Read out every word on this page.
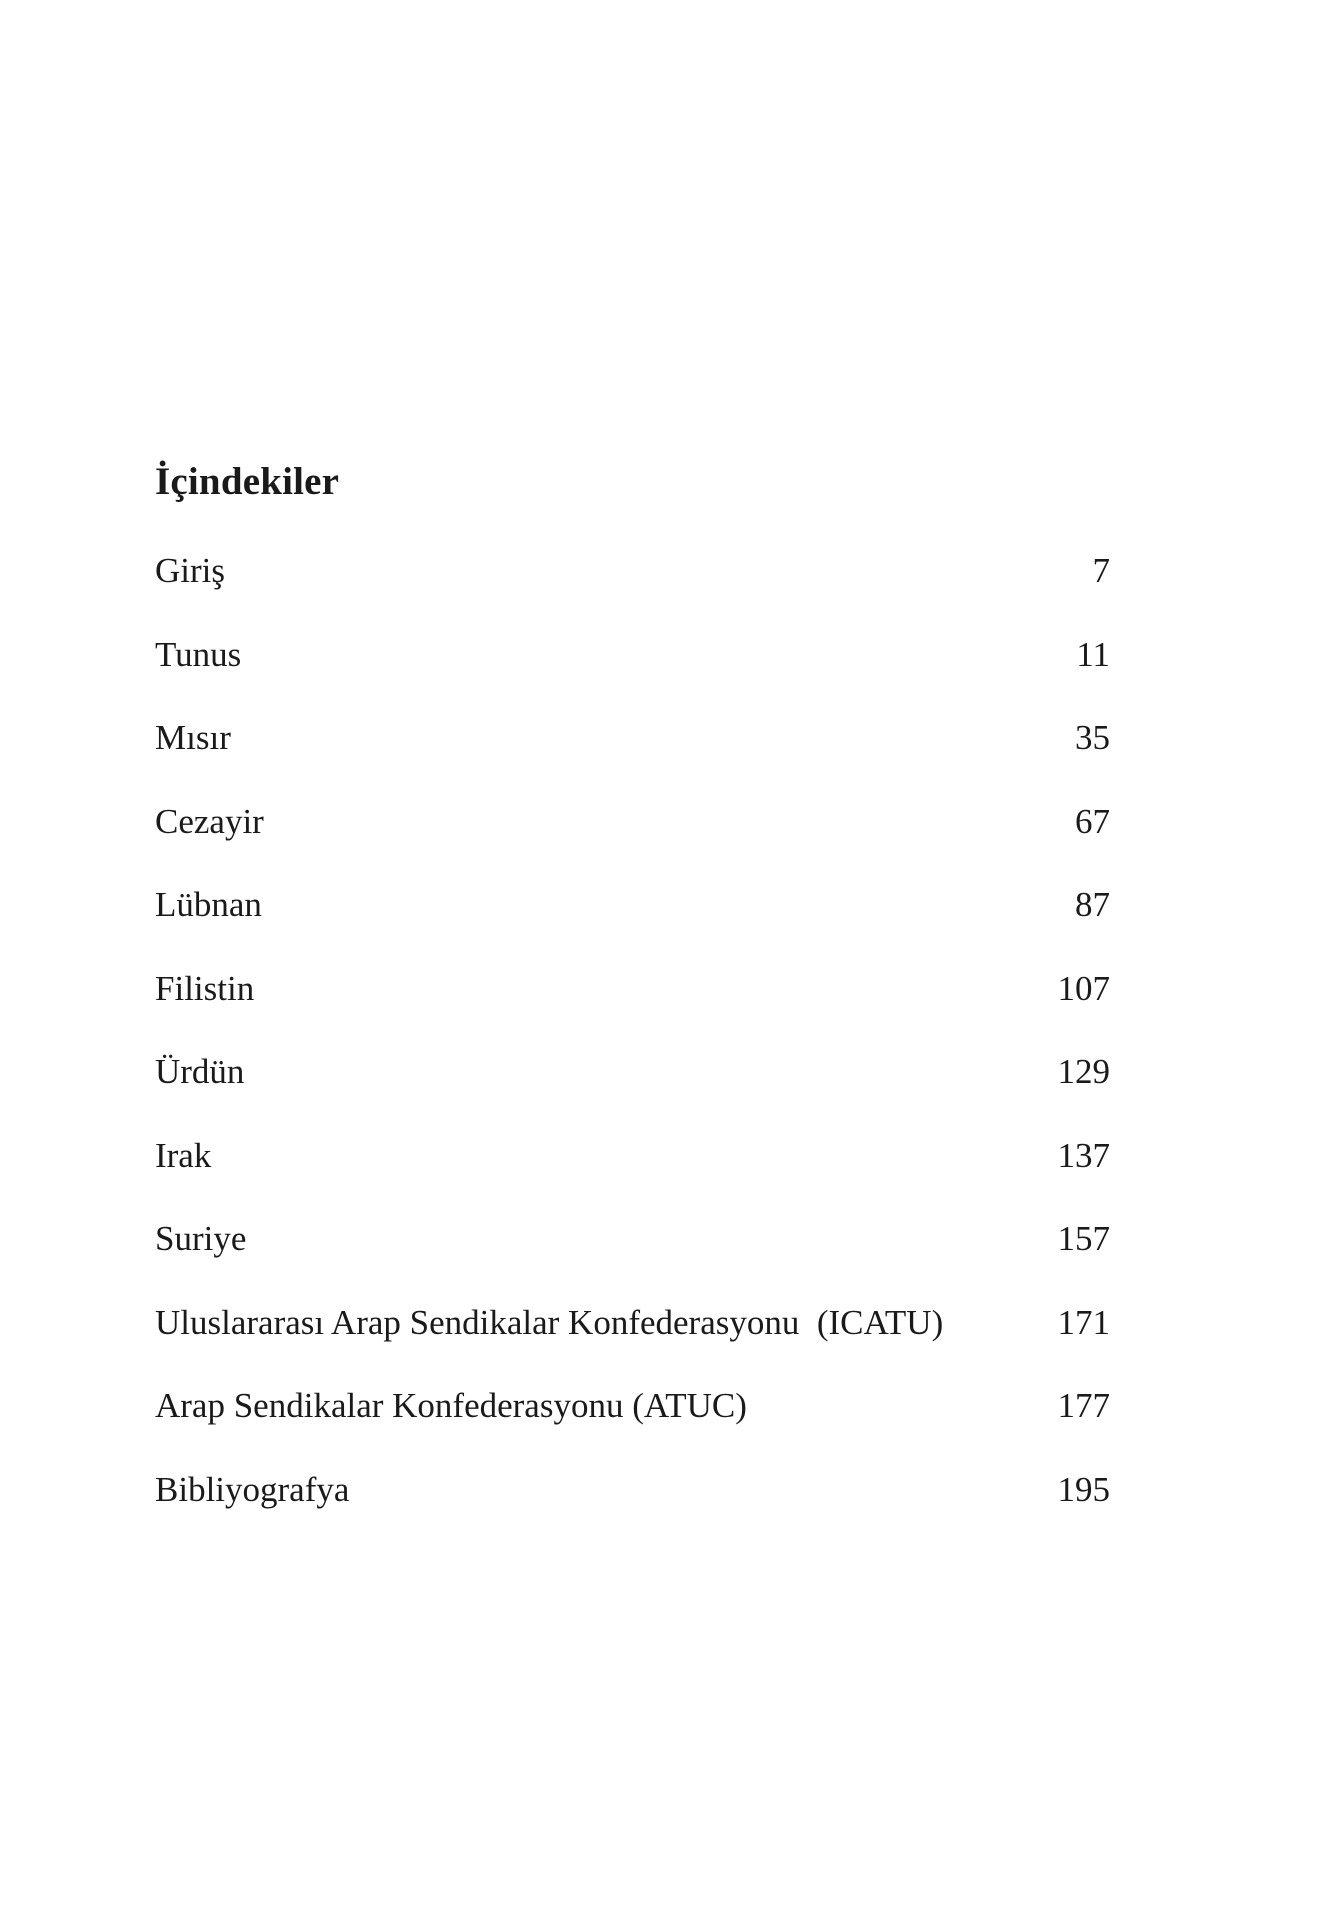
İçindekiler
Giriş	7
Tunus	11
Mısır	35
Cezayir	67
Lübnan	87
Filistin	107
Ürdün	129
Irak	137
Suriye	157
Uluslararası Arap Sendikalar Konfederasyonu  (ICATU)	171
Arap Sendikalar Konfederasyonu (ATUC)	177
Bibliyografya	195
